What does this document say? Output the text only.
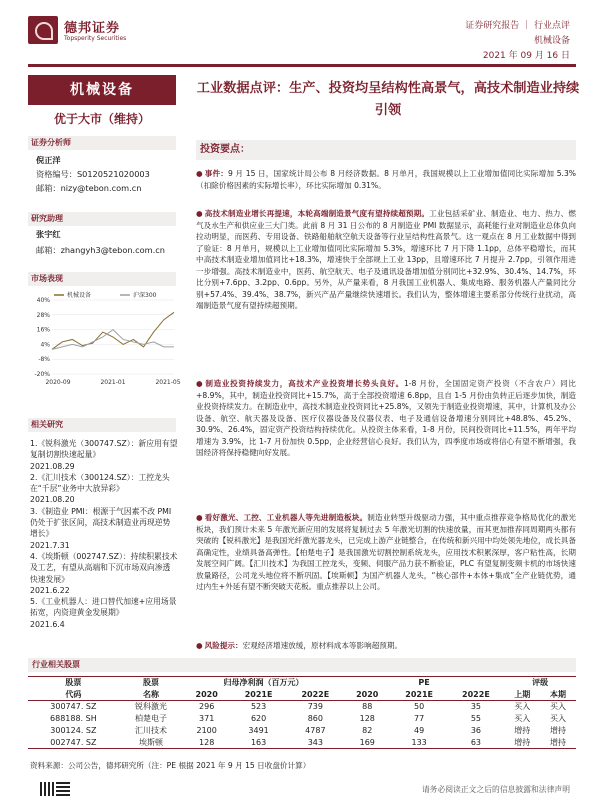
德邦证券
Topsperity Securities
证券研究报告 ｜ 行业点评
机械设备
2021 年 09 月 16 日
机械设备
优于大市（维持）
证券分析师
倪正洋
资格编号：S0120521020003
邮箱：nizy@tebon.com.cn
研究助理
张宇红
邮箱：zhangyh3@tebon.com.cn
市场表现
-20%
-8%
4%
16%
28%
40%
2020-09	2021-01	2021-05
机械设备	沪深300
相关研究
1.《锐科激光（300747.SZ）：新应用有望复制切割快速起量》
2021.08.29
2.《汇川技术（300124.SZ）：工控龙头在“千层”业务中大放异彩》
2021.08.20
3.《制造业 PMI：根源于气因素不改 PMI 仍处于扩张区间，高技术制造业再现逆势增长》
2021.7.31
4.《埃斯顿（002747.SZ）：持续积累技术及工艺，有望从高端和下沉市场双向渗透快速发展》
2021.6.22
5.《工业机器人：进口替代加速+应用场景拓宽，内资迎黄金发展期》
2021.6.4
工业数据点评：生产、投资均呈结构性高景气，高技术制造业持续引领
投资要点：
● 事件：9 月 15 日，国家统计局公布 8 月经济数据。8 月单月，我国规模以上工业增加值同比实际增加 5.3%（扣除价格因素的实际增长率），环比实际增加 0.31%。
● 高技术制造业增长再提速，本轮高端制造景气度有望持续超预期。工业包括采矿业、制造业、电力、热力、燃气及水生产和供应业三大门类。此前 8 月 31 日公布的 8 月制造业 PMI 数据显示，高耗能行业对制造业总体负向拉动明显，而医药、专用设备、铁路船舶航空航天设备等行业呈结构性高景气。这一观点在 8 月工业数据中得到了验证：8 月单月，规模以上工业增加值同比实际增加 5.3%，增速环比 7 月下降 1.1pp，总体平稳增长，而其中高技术制造业增加值同比+18.3%，增速快于全部规上工业 13pp，且增速环比 7 月提升 2.7pp，引领作用进一步增强。高技术制造业中，医药、航空航天、电子及通讯设备增加值分别同比+32.9%、30.4%、14.7%，环比分别+7.6pp、3.2pp、0.6pp。另外，从产量来看，8 月我国工业机器人、集成电路、服务机器人产量同比分别+57.4%、39.4%、38.7%，新兴产品产量继续快速增长。我们认为，整体增速主要系部分传统行业扰动，高端制造景气度有望持续超预期。
● 制造业投资持续发力，高技术产业投资增长势头良好。1-8 月份，全国固定资产投资（不含农户）同比+8.9%，其中，制造业投资同比+15.7%，高于全部投资增速 6.8pp，且自 1-5 月份由负转正后逐步加快，制造业投资持续发力。在制造业中，高技术制造业投资同比+25.8%，又领先于制造业投资增速，其中，计算机及办公设备、航空、航天器及设备、医疗仪器设备及仪器仪表、电子及通信设备增速分别同比+48.8%、45.2%、30.9%、26.4%，固定资产投资结构持续优化。从投资主体来看，1-8 月份，民间投资同比+11.5%，两年平均增速为 3.9%，比 1-7 月份加快 0.5pp，企业经营信心良好。我们认为，四季度市场或将信心有望不断增强，我国经济将保持稳健向好发展。
● 看好激光、工控、工业机器人等先进制造板块。制造业转型升级驱动力强，其中重点推荐竞争格局优化的激光板块，我们预计未来 5 年激光新应用的发展将复制过去 5 年激光切割的快速放量，而其更加推荐同周期两头都有突破的【锐科激光】是我国光纤激光器龙头，已完成上游产业链整合，在传统和新兴用中均处领先地位，成长具备高确定性，业绩具备高弹性。【柏楚电子】是我国激光切割控制系统龙头，应用技术积累深厚，客户粘性高，长期发展空间广阔。【汇川技术】为我国工控龙头，变频、伺服产品力获不断验证，PLC 有望复制变频卡机的市场快速放量路径，公司龙头地位将不断巩固。【埃斯顿】为国产机器人龙头，“核心部件+本体+集成”全产业链优势，通过内生+外延有望不断突破天花板。重点推荐以上公司。
● 风险提示：宏观经济增速放缓，原材料成本等影响超预期。
行业相关股票
股票	股票	归母净利润（百万元）			PE			评级	
代码	名称	2020	2021E	2022E	2020	2021E	2022E	上期	本期
300747. SZ	锐科激光	296	523	739	88	50	35	买入	买入
688188. SH	柏楚电子	371	620	860	128	77	55	买入	买入
300124. SZ	汇川技术	2100	3491	4787	82	49	36	增持	增持
002747. SZ	埃斯顿	128	163	343	169	133	63	增持	增持
资料来源：公司公告，德邦研究所（注：PE 根据 2021 年 9 月 15 日收盘价计算）
请务必阅读正文之后的信息披露和法律声明
